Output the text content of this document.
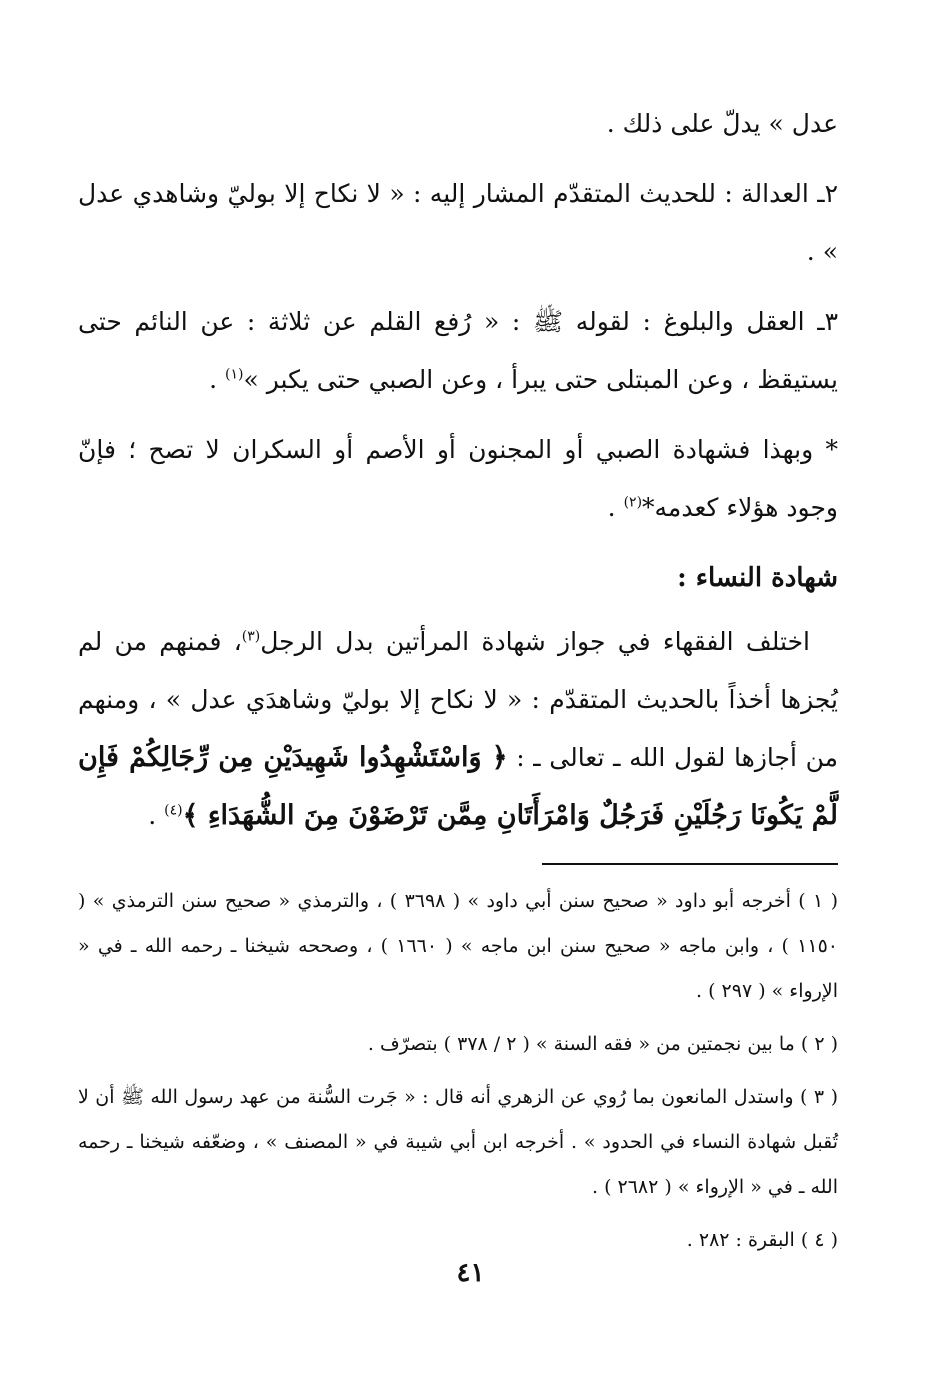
عدل » يدلّ على ذلك .

٢ـ العدالة : للحديث المتقدّم المشار إليه : « لا نكاح إلا بوليّ وشاهدي عدل » .

٣ـ العقل والبلوغ : لقوله ﷺ : « رُفع القلم عن ثلاثة : عن النائم حتى يستيقظ ، وعن المبتلى حتى يبرأ ، وعن الصبي حتى يكبر »$^{(١)}$ .

* وبهذا فشهادة الصبي أو المجنون أو الأصم أو السكران لا تصح ؛ فإنّ وجود هؤلاء كعدمه*$^{(٢)}$ .

شهادة النساء :

اختلف الفقهاء في جواز شهادة المرأتين بدل الرجل$^{(٣)}$، فمنهم من لم يُجزها أخذاً بالحديث المتقدّم : « لا نكاح إلا بوليّ وشاهدَي عدل » ، ومنهم من أجازها لقول الله ـ تعالى ـ : ﴿ وَاسْتَشْهِدُوا شَهِيدَيْنِ مِن رِّجَالِكُمْ فَإِن لَّمْ يَكُونَا رَجُلَيْنِ فَرَجُلٌ وَامْرَأَتَانِ مِمَّن تَرْضَوْنَ مِنَ الشُّهَدَاءِ ﴾$^{(٤)}$ .

( ١ ) أخرجه أبو داود « صحيح سنن أبي داود » ( ٣٦٩٨ ) ، والترمذي « صحيح سنن الترمذي » ( ١١٥٠ ) ، وابن ماجه « صحيح سنن ابن ماجه » ( ١٦٦٠ ) ، وصححه شيخنا ـ رحمه الله ـ في « الإرواء » ( ٢٩٧ ) .

( ٢ ) ما بين نجمتين من « فقه السنة » ( ٢ / ٣٧٨ ) بتصرّف .

( ٣ ) واستدل المانعون بما رُوي عن الزهري أنه قال : « جَرت السُّنة من عهد رسول الله ﷺ أن لا تُقبل شهادة النساء في الحدود » . أخرجه ابن أبي شيبة في « المصنف » ، وضعّفه شيخنا ـ رحمه الله ـ في « الإرواء » ( ٢٦٨٢ ) .

( ٤ ) البقرة : ٢٨٢ .

٤١
